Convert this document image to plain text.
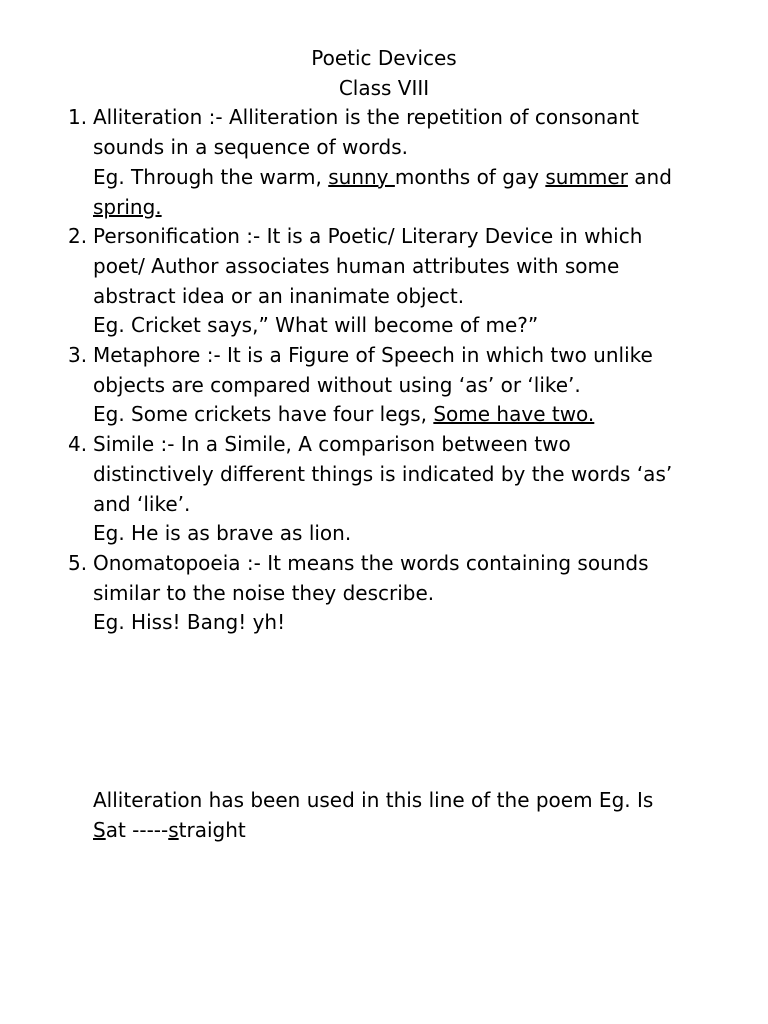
Poetic Devices
Class VIII
1. Alliteration :- Alliteration is the repetition of consonant
sounds in a sequence of words.
Eg. Through the warm, sunny months of gay summer and
spring.
2. Personification :- It is a Poetic/ Literary Device in which
poet/ Author associates human attributes with some
abstract idea or an inanimate object.
Eg. Cricket says,” What will become of me?”
3. Metaphore :- It is a Figure of Speech in which two unlike
objects are compared without using ‘as’ or ‘like’.
Eg. Some crickets have four legs, Some have two.
4. Simile :- In a Simile, A comparison between two
distinctively different things is indicated by the words ‘as’
and ‘like’.
Eg. He is as brave as lion.
5. Onomatopoeia :- It means the words containing sounds
similar to the noise they describe.
Eg. Hiss! Bang! yh!
Alliteration has been used in this line of the poem Eg. Is
Sat -----straight
